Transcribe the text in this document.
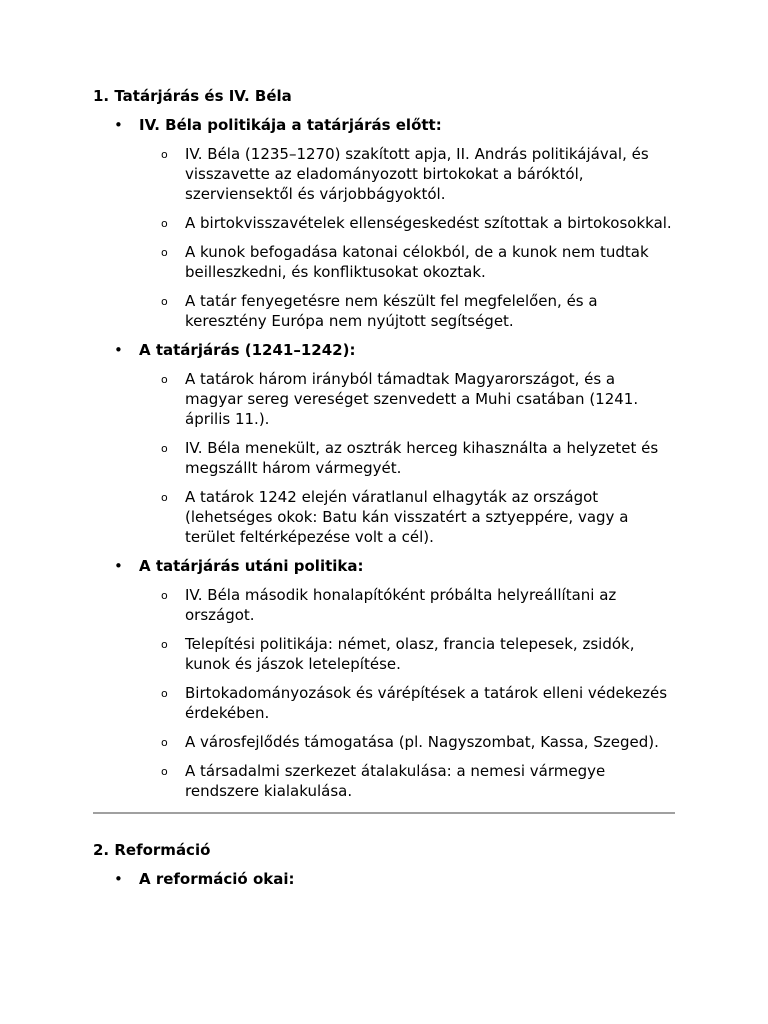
1. Tatárjárás és IV. Béla
• IV. Béla politikája a tatárjárás előtt:
o IV. Béla (1235–1270) szakított apja, II. András politikájával, és visszavette az eladományozott birtokokat a báróktól, szerviensektől és várjobbágyoktól.
o A birtokvisszavételek ellenségeskedést szítottak a birtokosokkal.
o A kunok befogadása katonai célokból, de a kunok nem tudtak beilleszkedni, és konfliktusokat okoztak.
o A tatár fenyegetésre nem készült fel megfelelően, és a keresztény Európa nem nyújtott segítséget.
• A tatárjárás (1241–1242):
o A tatárok három irányból támadtak Magyarországot, és a magyar sereg vereséget szenvedett a Muhi csatában (1241. április 11.).
o IV. Béla menekült, az osztrák herceg kihasználta a helyzetet és megszállt három vármegyét.
o A tatárok 1242 elején váratlanul elhagyták az országot (lehetséges okok: Batu kán visszatért a sztyeppére, vagy a terület feltérképezése volt a cél).
• A tatárjárás utáni politika:
o IV. Béla második honalapítóként próbálta helyreállítani az országot.
o Telepítési politikája: német, olasz, francia telepesek, zsidók, kunok és jászok letelepítése.
o Birtokadományozások és várépítések a tatárok elleni védekezés érdekében.
o A városfejlődés támogatása (pl. Nagyszombat, Kassa, Szeged).
o A társadalmi szerkezet átalakulása: a nemesi vármegye rendszere kialakulása.
2. Reformáció
• A reformáció okai:
